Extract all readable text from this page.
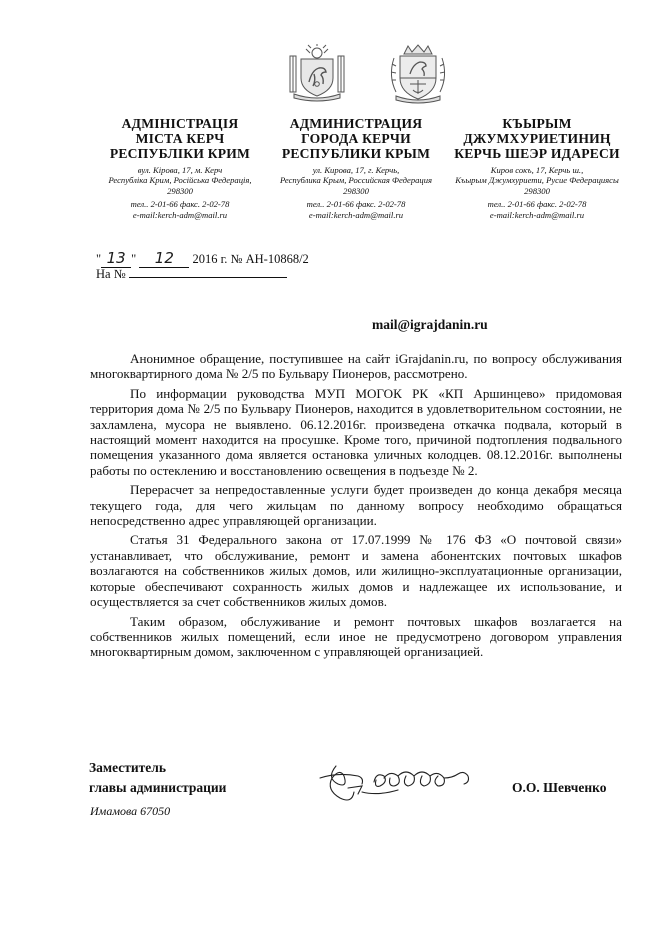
АДМІНІСТРАЦІЯ
МІСТА КЕРЧ
РЕСПУБЛІКИ КРИМ
вул. Кірова, 17, м. Керч
Республіка Крим, Російська Федерація,
298300
тел.. 2-01-66 факс. 2-02-78
e-mail:kerch-adm@mail.ru
АДМИНИСТРАЦИЯ
ГОРОДА КЕРЧИ
РЕСПУБЛИКИ КРЫМ
ул. Кирова, 17, г. Керчь,
Республика Крым, Российская Федерация
298300
тел.. 2-01-66 факс. 2-02-78
e-mail:kerch-adm@mail.ru
КЪЫРЫМ
ДЖУМХУРИЕТИНИҢ
КЕРЧЬ ШЕЭР ИДАРЕСИ
Киров сокъ, 17, Керчь ш.,
Къырым Джумхуриети, Русие Федерациясы
298300
тел.. 2-01-66 факс. 2-02-78
e-mail:kerch-adm@mail.ru
" 13 " 12 2016 г. № АН-10868/2
На №
mail@igrajdanin.ru

Анонимное обращение, поступившее на сайт iGrajdanin.ru, по вопросу обслуживания многоквартирного дома № 2/5 по Бульвару Пионеров, рассмотрено.

По информации руководства МУП МОГОК РК «КП Аршинцево» придомовая территория дома № 2/5 по Бульвару Пионеров, находится в удовлетворительном состоянии, не захламлена, мусора не выявлено. 06.12.2016г. произведена откачка подвала, который в настоящий момент находится на просушке. Кроме того, причиной подтопления подвального помещения указанного дома является остановка уличных колодцев. 08.12.2016г. выполнены работы по остеклению и восстановлению освещения в подъезде № 2.

Перерасчет за непредоставленные услуги будет произведен до конца декабря месяца текущего года, для чего жильцам по данному вопросу необходимо обращаться непосредственно адрес управляющей организации.

Статья 31 Федерального закона от 17.07.1999 № 176 ФЗ «О почтовой связи» устанавливает, что обслуживание, ремонт и замена абонентских почтовых шкафов возлагаются на собственников жилых домов, или жилищно-эксплуатационные организации, которые обеспечивают сохранность жилых домов и надлежащее их использование, и осуществляется за счет собственников жилых домов.

Таким образом, обслуживание и ремонт почтовых шкафов возлагается на собственников жилых помещений, если иное не предусмотрено договором управления многоквартирным домом, заключенном с управляющей организацией.

Заместитель
главы администрации	О.О. Шевченко
Имамова 67050
